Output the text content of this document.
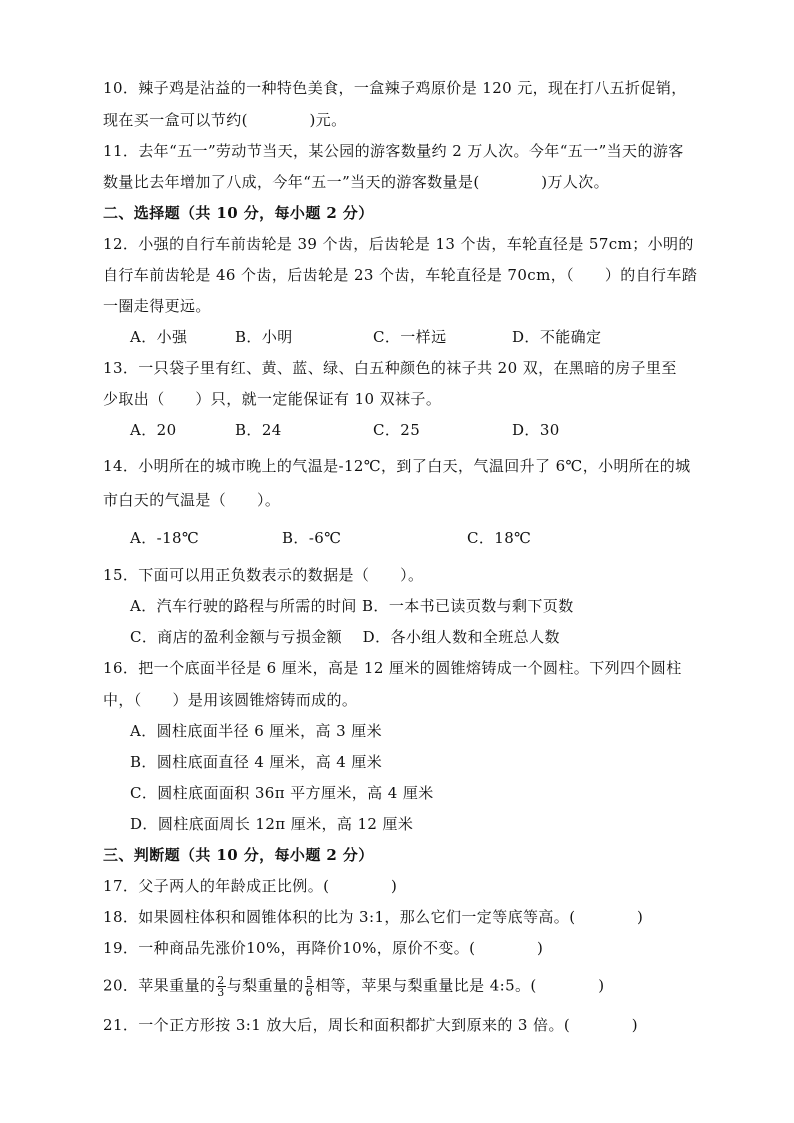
10．辣子鸡是沾益的一种特色美食，一盒辣子鸡原价是 120 元，现在打八五折促销，
现在买一盒可以节约(　　　　)元。
11．去年“五一”劳动节当天，某公园的游客数量约 2 万人次。今年“五一”当天的游客
数量比去年增加了八成，今年“五一”当天的游客数量是(　　　　)万人次。
二、选择题（共 10 分，每小题 2 分）
12．小强的自行车前齿轮是 39 个齿，后齿轮是 13 个齿，车轮直径是 57cm；小明的
自行车前齿轮是 46 个齿，后齿轮是 23 个齿，车轮直径是 70cm，（　　）的自行车踏
一圈走得更远。
A．小强	B．小明	C．一样远	D．不能确定
13．一只袋子里有红、黄、蓝、绿、白五种颜色的袜子共 20 双，在黑暗的房子里至
少取出（　　）只，就一定能保证有 10 双袜子。
A．20	B．24	C．25	D．30
14．小明所在的城市晚上的气温是-12℃，到了白天，气温回升了 6℃，小明所在的城
市白天的气温是（　　）。
A．-18℃	B．-6℃	C．18℃
15．下面可以用正负数表示的数据是（　　）。
A．汽车行驶的路程与所需的时间 B．一本书已读页数与剩下页数
C．商店的盈利金额与亏损金额　 D．各小组人数和全班总人数
16．把一个底面半径是 6 厘米，高是 12 厘米的圆锥熔铸成一个圆柱。下列四个圆柱
中，（　　）是用该圆锥熔铸而成的。
A．圆柱底面半径 6 厘米，高 3 厘米
B．圆柱底面直径 4 厘米，高 4 厘米
C．圆柱底面面积 36π 平方厘米，高 4 厘米
D．圆柱底面周长 12π 厘米，高 12 厘米
三、判断题（共 10 分，每小题 2 分）
17．父子两人的年龄成正比例。(　　　　)
18．如果圆柱体积和圆锥体积的比为 3:1，那么它们一定等底等高。(　　　　)
19．一种商品先涨价10%，再降价10%，原价不变。(　　　　)
20．苹果重量的 $\frac{2}{3}$ 与梨重量的 $\frac{5}{6}$ 相等，苹果与梨重量比是 4:5。(　　　　)
21．一个正方形按 3:1 放大后，周长和面积都扩大到原来的 3 倍。(　　　　)
